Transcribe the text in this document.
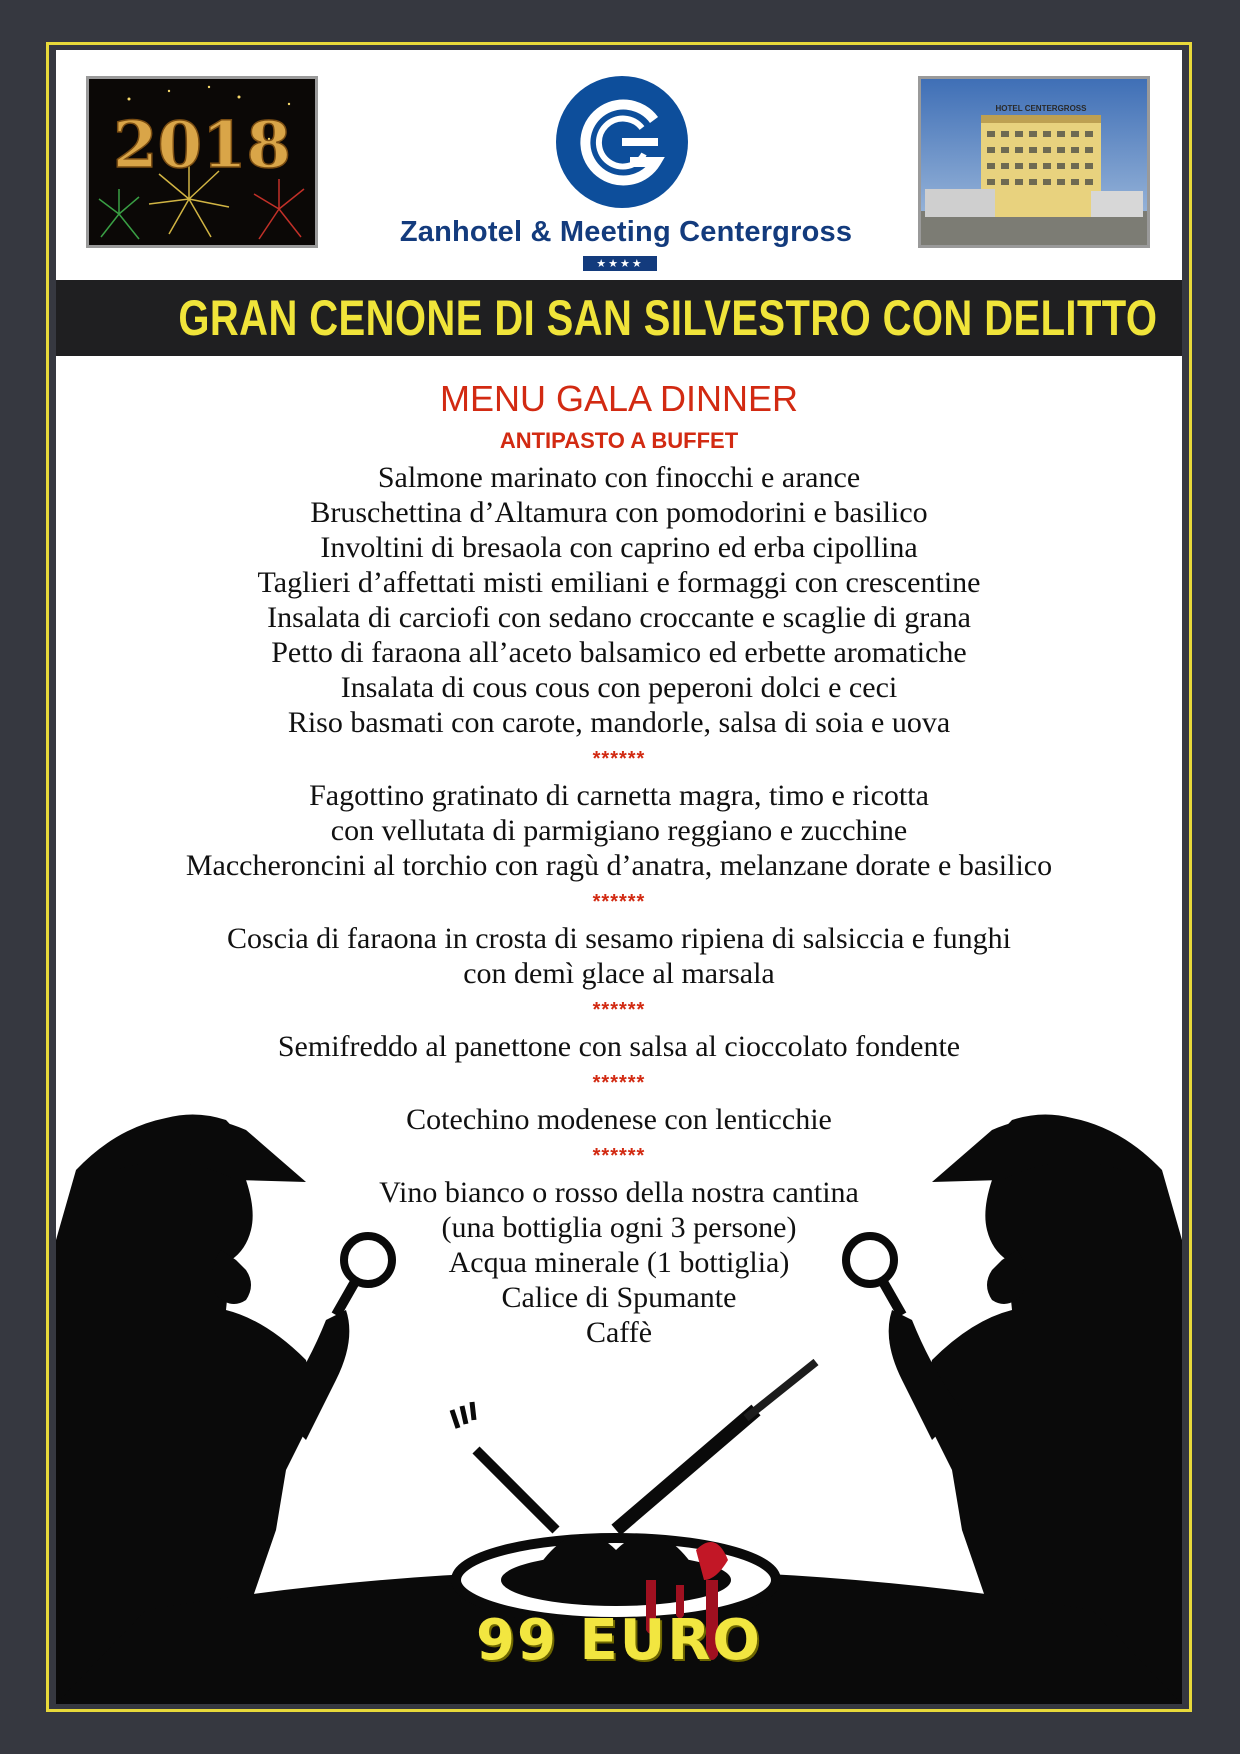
2018
Zanhotel & Meeting Centergross
★★★★
HOTEL CENTERGROSS
GRAN CENONE DI SAN SILVESTRO CON DELITTO

MENU GALA DINNER

ANTIPASTO A BUFFET

Salmone marinato con finocchi e arance

Bruschettina d’Altamura con pomodorini e basilico

Involtini di bresaola con caprino ed erba cipollina

Taglieri d’affettati misti emiliani e formaggi con crescentine

Insalata di carciofi con sedano croccante e scaglie di grana

Petto di faraona all’aceto balsamico ed erbette aromatiche

Insalata di cous cous con peperoni dolci e ceci

Riso basmati con carote, mandorle, salsa di soia e uova

******

Fagottino gratinato di carnetta magra, timo e ricotta

con vellutata di parmigiano reggiano e zucchine

Maccheroncini al torchio con ragù d’anatra, melanzane dorate e basilico

******

Coscia di faraona in crosta di sesamo ripiena di salsiccia e funghi

con demì glace al marsala

******

Semifreddo al panettone con salsa al cioccolato fondente

******

Cotechino modenese con lenticchie

******

Vino bianco o rosso della nostra cantina

(una bottiglia ogni 3 persone)

Acqua minerale (1 bottiglia)

Calice di Spumante

Caffè

99 EURO
